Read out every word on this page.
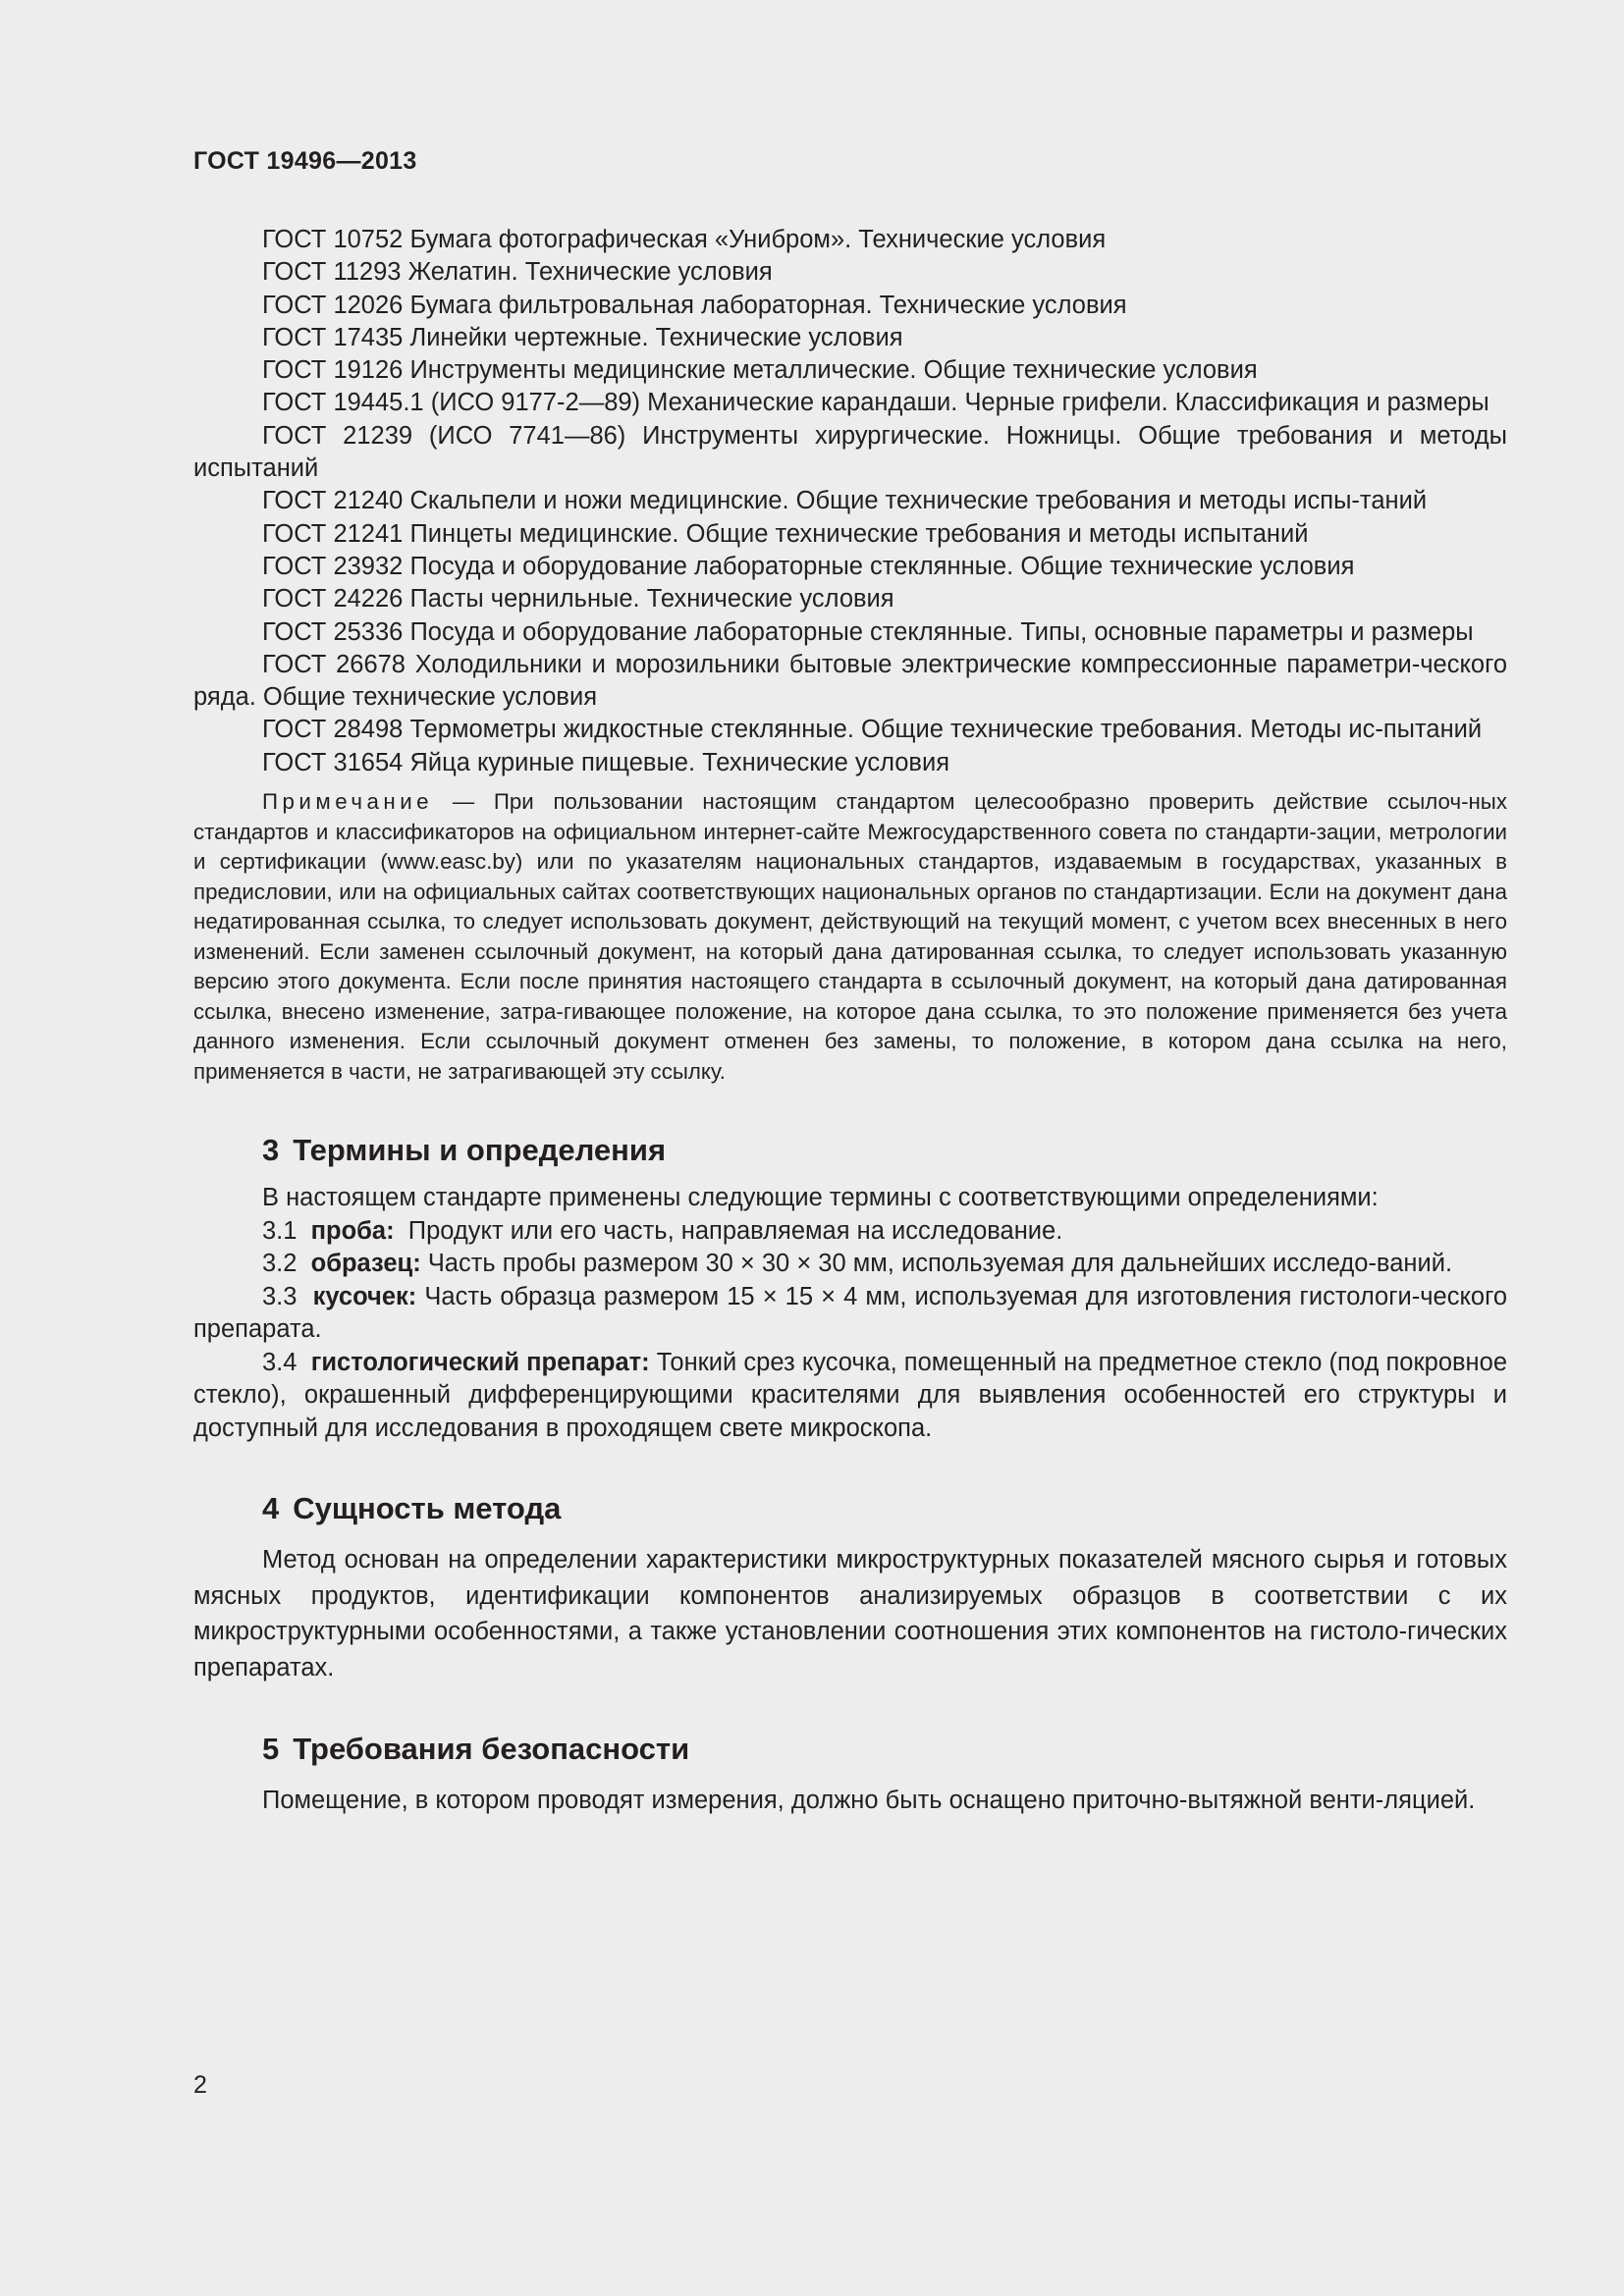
ГОСТ 19496—2013

ГОСТ 10752 Бумага фотографическая «Унибром». Технические условия

ГОСТ 11293 Желатин. Технические условия

ГОСТ 12026 Бумага фильтровальная лабораторная. Технические условия

ГОСТ 17435 Линейки чертежные. Технические условия

ГОСТ 19126 Инструменты медицинские металлические. Общие технические условия

ГОСТ 19445.1 (ИСО 9177-2—89) Механические карандаши. Черные грифели. Классификация и размеры

ГОСТ 21239 (ИСО 7741—86) Инструменты хирургические. Ножницы. Общие требования и методы испытаний

ГОСТ 21240 Скальпели и ножи медицинские. Общие технические требования и методы испы-таний

ГОСТ 21241 Пинцеты медицинские. Общие технические требования и методы испытаний

ГОСТ 23932 Посуда и оборудование лабораторные стеклянные. Общие технические условия

ГОСТ 24226 Пасты чернильные. Технические условия

ГОСТ 25336 Посуда и оборудование лабораторные стеклянные. Типы, основные параметры и размеры

ГОСТ 26678 Холодильники и морозильники бытовые электрические компрессионные параметри-ческого ряда. Общие технические условия

ГОСТ 28498 Термометры жидкостные стеклянные. Общие технические требования. Методы ис-пытаний

ГОСТ 31654 Яйца куриные пищевые. Технические условия

Примечание — При пользовании настоящим стандартом целесообразно проверить действие ссылоч-ных стандартов и классификаторов на официальном интернет-сайте Межгосударственного совета по стандарти-зации, метрологии и сертификации (www.easc.by) или по указателям национальных стандартов, издаваемым в государствах, указанных в предисловии, или на официальных сайтах соответствующих национальных органов по стандартизации. Если на документ дана недатированная ссылка, то следует использовать документ, действующий на текущий момент, с учетом всех внесенных в него изменений. Если заменен ссылочный документ, на который дана датированная ссылка, то следует использовать указанную версию этого документа. Если после принятия настоящего стандарта в ссылочный документ, на который дана датированная ссылка, внесено изменение, затра-гивающее положение, на которое дана ссылка, то это положение применяется без учета данного изменения. Если ссылочный документ отменен без замены, то положение, в котором дана ссылка на него, применяется в части, не затрагивающей эту ссылку.

3 Термины и определения

В настоящем стандарте применены следующие термины с соответствующими определениями:

3.1 проба: Продукт или его часть, направляемая на исследование.

3.2 образец: Часть пробы размером 30 × 30 × 30 мм, используемая для дальнейших исследо-ваний.

3.3 кусочек: Часть образца размером 15 × 15 × 4 мм, используемая для изготовления гистологи-ческого препарата.

3.4 гистологический препарат: Тонкий срез кусочка, помещенный на предметное стекло (под покровное стекло), окрашенный дифференцирующими красителями для выявления особенностей его структуры и доступный для исследования в проходящем свете микроскопа.

4 Сущность метода

Метод основан на определении характеристики микроструктурных показателей мясного сырья и готовых мясных продуктов, идентификации компонентов анализируемых образцов в соответствии с их микроструктурными особенностями, а также установлении соотношения этих компонентов на гистоло-гических препаратах.

5 Требования безопасности

Помещение, в котором проводят измерения, должно быть оснащено приточно-вытяжной венти-ляцией.

2
